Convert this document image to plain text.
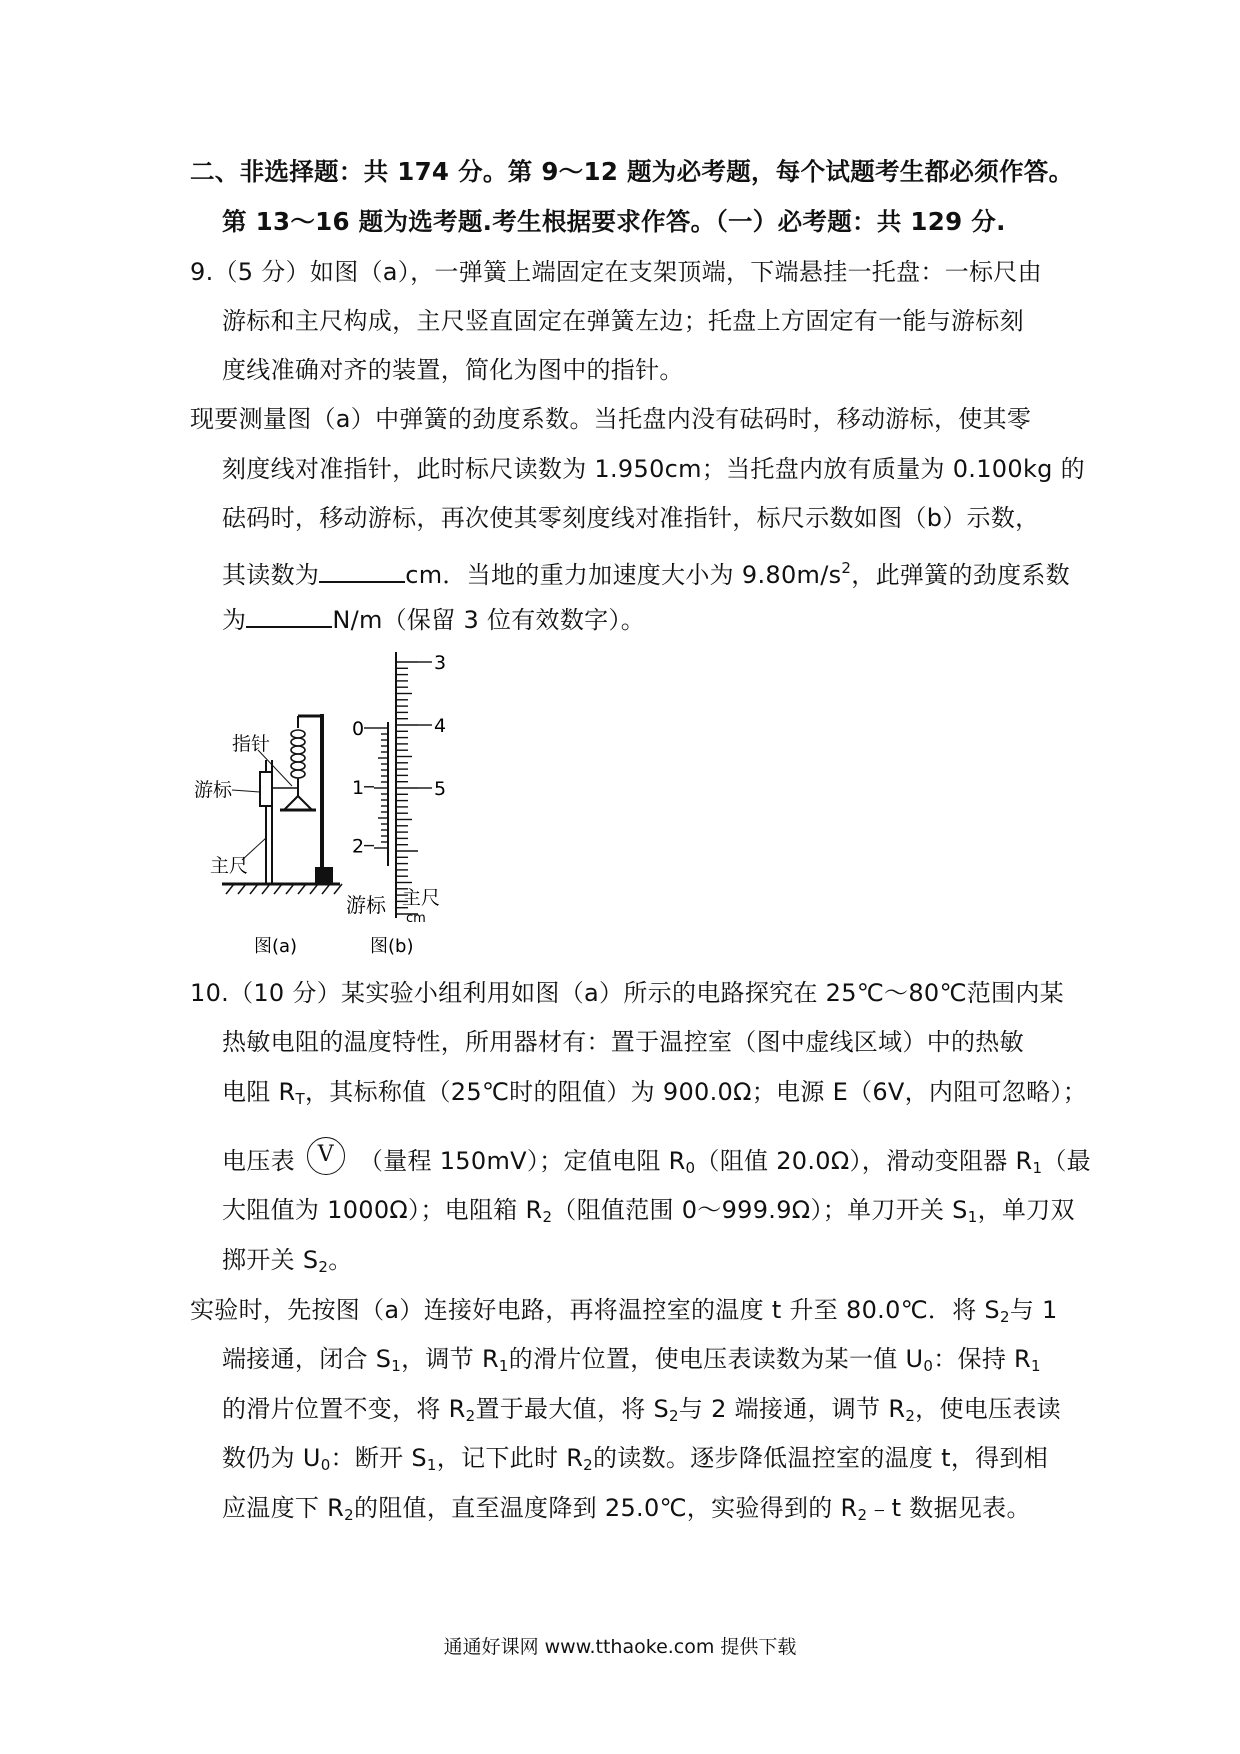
二、非选择题：共 174 分。第 9～12 题为必考题，每个试题考生都必须作答。
第 13～16 题为选考题.考生根据要求作答。（一）必考题：共 129 分.
9.（5 分）如图（a），一弹簧上端固定在支架顶端，下端悬挂一托盘：一标尺由
游标和主尺构成，主尺竖直固定在弹簧左边；托盘上方固定有一能与游标刻
度线准确对齐的装置，简化为图中的指针。
现要测量图（a）中弹簧的劲度系数。当托盘内没有砝码时，移动游标，使其零
刻度线对准指针，此时标尺读数为 1.950cm；当托盘内放有质量为 0.100kg 的
砝码时，移动游标，再次使其零刻度线对准指针，标尺示数如图（b）示数，
其读数为	cm．当地的重力加速度大小为 $9.80m/s^2$，此弹簧的劲度系数
为	N/m（保留 3 位有效数字）。
指针
游标
主尺
图(a)
3
4
5
0
1
2
游标 主尺
cm
图(b)
10.（10 分）某实验小组利用如图（a）所示的电路探究在 25℃～80℃范围内某
热敏电阻的温度特性，所用器材有：置于温控室（图中虚线区域）中的热敏
电阻 $R_T$，其标称值（25℃时的阻值）为 900.0Ω；电源 E（6V，内阻可忽略）；
电压表 V （量程 150mV）；定值电阻 $R_0$（阻值 20.0Ω），滑动变阻器 $R_1$（最
大阻值为 1000Ω）；电阻箱 $R_2$（阻值范围 0～999.9Ω）；单刀开关 $S_1$，单刀双
掷开关 $S_2$。
实验时，先按图（a）连接好电路，再将温控室的温度 t 升至 80.0℃．将 $S_2$与 1
端接通，闭合 $S_1$，调节 $R_1$的滑片位置，使电压表读数为某一值 $U_0$：保持 $R_1$
的滑片位置不变，将 $R_2$置于最大值，将 $S_2$与 2 端接通，调节 $R_2$，使电压表读
数仍为 $U_0$：断开 $S_1$，记下此时 $R_2$的读数。逐步降低温控室的温度 t，得到相
应温度下 $R_2$的阻值，直至温度降到 25.0℃，实验得到的 $R_2﹣t$ 数据见表。
通通好课网 www.tthaoke.com 提供下载
